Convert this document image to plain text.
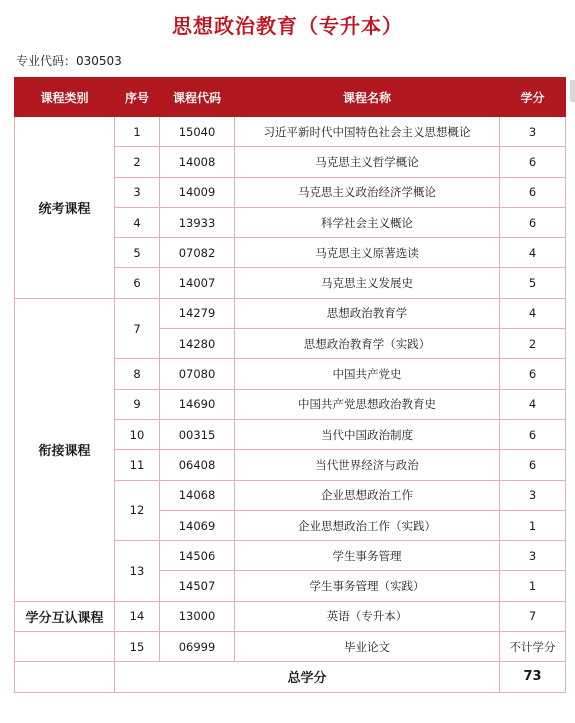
思想政治教育（专升本）
专业代码：030503
课程类别	序号	课程代码	课程名称	学分
统考课程	1	15040	习近平新时代中国特色社会主义思想概论	3
	2	14008	马克思主义哲学概论	6
	3	14009	马克思主义政治经济学概论	6
	4	13933	科学社会主义概论	6
	5	07082	马克思主义原著选读	4
	6	14007	马克思主义发展史	5
衔接课程	7	14279	思想政治教育学	4
		14280	思想政治教育学（实践）	2
	8	07080	中国共产党史	6
	9	14690	中国共产党思想政治教育史	4
	10	00315	当代中国政治制度	6
	11	06408	当代世界经济与政治	6
	12	14068	企业思想政治工作	3
		14069	企业思想政治工作（实践）	1
	13	14506	学生事务管理	3
		14507	学生事务管理（实践）	1
学分互认课程	14	13000	英语（专升本）	7
	15	06999	毕业论文	不计学分
	总学分			73
